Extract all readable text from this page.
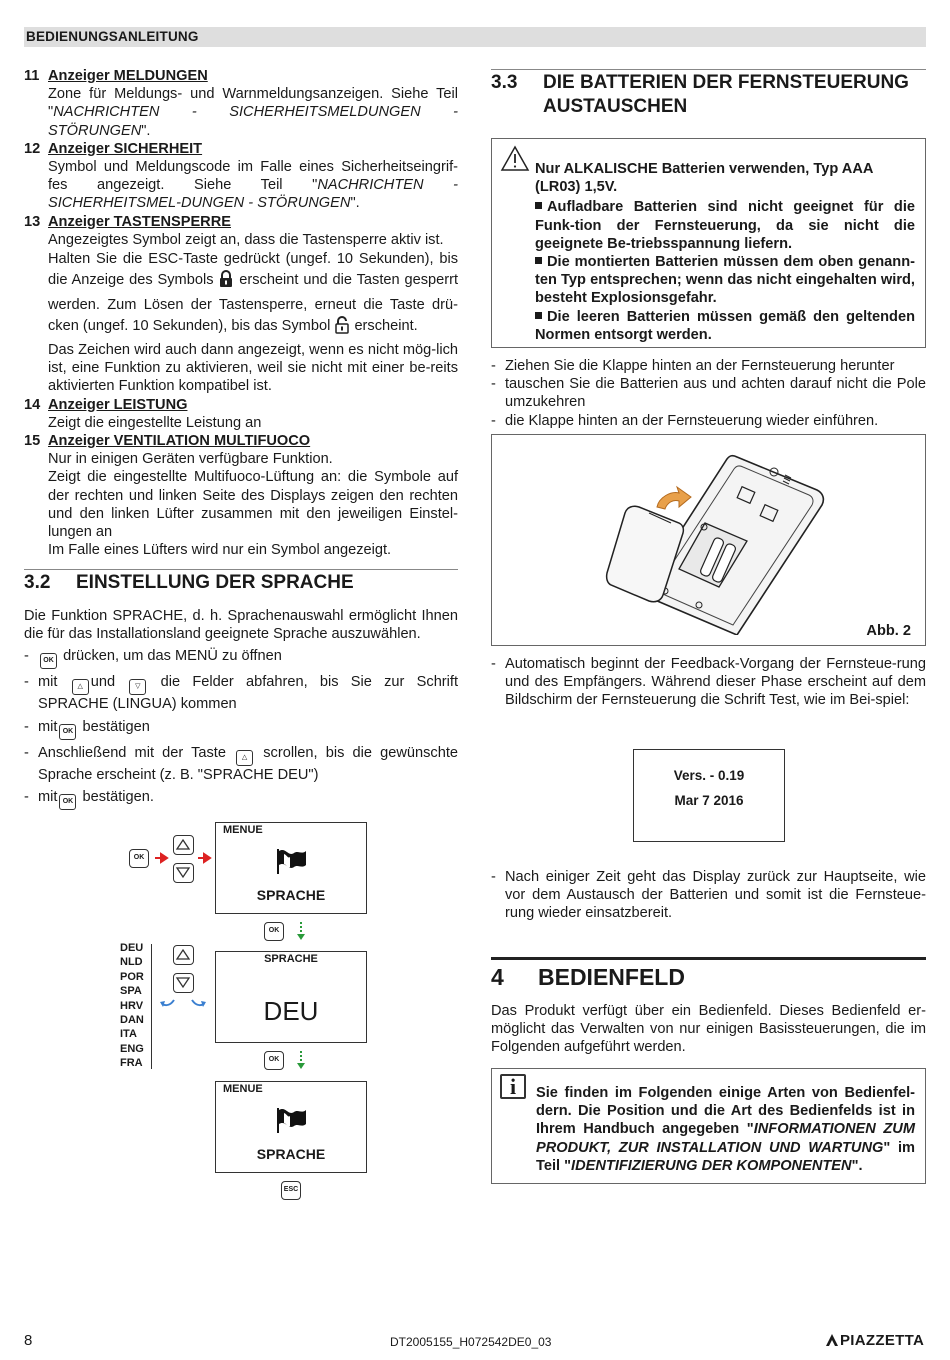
BEDIENUNGSANLEITUNG
11 Anzeiger MELDUNGEN

Zone für Meldungs- und Warnmeldungsanzeigen. Siehe Teil "NACHRICHTEN - SICHERHEITSMELDUNGEN - STÖRUNGEN".

12 Anzeiger SICHERHEIT

Symbol und Meldungscode im Falle eines Sicherheitseingrif-fes angezeigt. Siehe Teil "NACHRICHTEN - SICHERHEITSMEL-DUNGEN - STÖRUNGEN".

13 Anzeiger TASTENSPERRE

Angezeigtes Symbol zeigt an, dass die Tastensperre aktiv ist.

Halten Sie die ESC-Taste gedrückt (ungef. 10 Sekunden), bis die Anzeige des Symbols erscheint und die Tasten gesperrt werden. Zum Lösen der Tastensperre, erneut die Taste drü-cken (ungef. 10 Sekunden), bis das Symbol erscheint.

Das Zeichen wird auch dann angezeigt, wenn es nicht mög-lich ist, eine Funktion zu aktivieren, weil sie nicht mit einer be-reits aktivierten Funktion kompatibel ist.

14 Anzeiger LEISTUNG

Zeigt die eingestellte Leistung an

15 Anzeiger VENTILATION MULTIFUOCO

Nur in einigen Geräten verfügbare Funktion.

Zeigt die eingestellte Multifuoco-Lüftung an: die Symbole auf der rechten und linken Seite des Displays zeigen den rechten und den linken Lüfter zusammen mit den jeweiligen Einstel-lungen an

Im Falle eines Lüfters wird nur ein Symbol angezeigt.

3.2 EINSTELLUNG DER SPRACHE

Die Funktion SPRACHE, d. h. Sprachenauswahl ermöglicht Ihnen die für das Installationsland geeignete Sprache auszuwählen.

- OK drücken, um das MENÜ zu öffnen
- mit	△ und	▽ die Felder abfahren, bis Sie zur Schrift SPRACHE (LINGUA) kommen
- mit OK bestätigen
- Anschließend mit der Taste △ scrollen, bis die gewünschte Sprache erscheint (z. B. "SPRACHE DEU")
- mit OK bestätigen.
OK
MENUE
SPRACHE
OK
DEU
NLD
POR
SPA
HRV
DAN
ITA
ENG
FRA
SPRACHE
DEU
OK
MENUE
SPRACHE
ESC
3.3 DIE BATTERIEN DER FERNSTEUERUNG
AUSTAUSCHEN
Nur ALKALISCHE Batterien verwenden, Typ AAA (LR03) 1,5V.
Aufladbare Batterien sind nicht geeignet für die Funk-tion der Fernsteuerung, da sie nicht die geeignete Be-triebsspannung liefern.
Die montierten Batterien müssen dem oben genann-ten Typ entsprechen; wenn das nicht eingehalten wird, besteht Explosionsgefahr.
Die leeren Batterien müssen gemäß den geltenden Normen entsorgt werden.
- Ziehen Sie die Klappe hinten an der Fernsteuerung herunter
- tauschen Sie die Batterien aus und achten darauf nicht die Pole umzukehren
- die Klappe hinten an der Fernsteuerung wieder einführen.
Abb. 2
- Automatisch beginnt der Feedback-Vorgang der Fernsteue-rung und des Empfängers. Während dieser Phase erscheint auf dem Bildschirm der Fernsteuerung die Schrift Test, wie im Bei-spiel:
Vers. - 0.19
Mar 7 2016
- Nach einiger Zeit geht das Display zurück zur Hauptseite, wie vor dem Austausch der Batterien und somit ist die Fernsteue-rung wieder einsatzbereit.
4 BEDIENFELD

Das Produkt verfügt über ein Bedienfeld. Dieses Bedienfeld er-möglicht das Verwalten von nur einigen Basissteuerungen, die im Folgenden aufgeführt werden.

i	Sie finden im Folgenden einige Arten von Bedienfel-dern. Die Position und die Art des Bedienfelds ist in Ihrem Handbuch angegeben "INFORMATIONEN ZUM PRODUKT, ZUR INSTALLATION UND WARTUNG" im Teil "IDENTIFIZIERUNG DER KOMPONENTEN".
8	DT2005155_H072542DE0_03	PIAZZETTA
